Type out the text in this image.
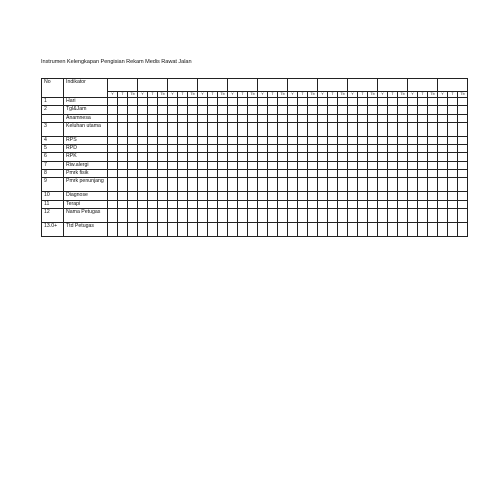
Instrumen Kelengkapan Pengisian Rekam Medis Rawat Jalan
No	Indikator																																				
		Y	T	Tb	Y	T	Tb	Y	T	Tb	Y	T	Tb	Y	T	Tb	Y	T	Tb	Y	T	Tb	Y	T	Tb	Y	T	Tb	Y	T	Tb	Y	T	Tb	Y	T	Tb
1	Hari																																				
2	Tgl&Jam																																				
	Anamnesa																																				
3	Keluhan utama																																				
4	RPS																																				
5	RPD																																				
6	RPK																																				
7	Riw.alergi																																				
8	Pmrk fisik																																				
9	Pmrk penunjang																																				
10	Diagnose																																				
11	Terapi																																				
12	Nama Petugas																																				
13.0+	Ttd Petugas																																				
